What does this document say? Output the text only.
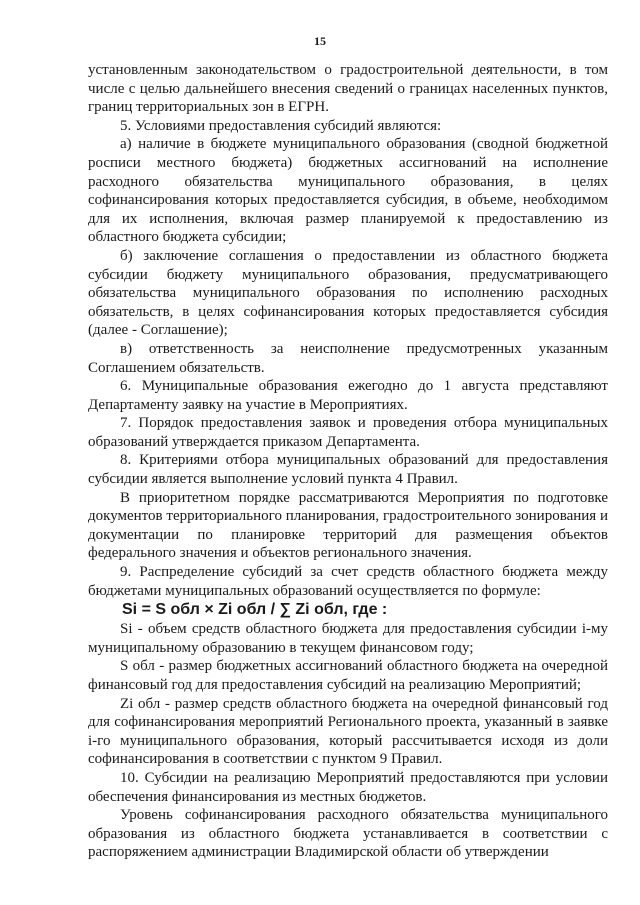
15

установленным законодательством о градостроительной деятельности, в том числе с целью дальнейшего внесения сведений о границах населенных пунктов, границ территориальных зон в ЕГРН.

5. Условиями предоставления субсидий являются:

а) наличие в бюджете муниципального образования (сводной бюджетной росписи местного бюджета) бюджетных ассигнований на исполнение расходного обязательства муниципального образования, в целях софинансирования которых предоставляется субсидия, в объеме, необходимом для их исполнения, включая размер планируемой к предоставлению из областного бюджета субсидии;

б) заключение соглашения о предоставлении из областного бюджета субсидии бюджету муниципального образования, предусматривающего обязательства муниципального образования по исполнению расходных обязательств, в целях софинансирования которых предоставляется субсидия (далее - Соглашение);

в) ответственность за неисполнение предусмотренных указанным Соглашением обязательств.

6. Муниципальные образования ежегодно до 1 августа представляют Департаменту заявку на участие в Мероприятиях.

7. Порядок предоставления заявок и проведения отбора муниципальных образований утверждается приказом Департамента.

8. Критериями отбора муниципальных образований для предоставления субсидии является выполнение условий пункта 4 Правил.

В приоритетном порядке рассматриваются Мероприятия по подготовке документов территориального планирования, градостроительного зонирования и документации по планировке территорий для размещения объектов федерального значения и объектов регионального значения.

9. Распределение субсидий за счет средств областного бюджета между бюджетами муниципальных образований осуществляется по формуле:

Si = S обл × Zi обл / ∑ Zi обл, где :

Si - объем средств областного бюджета для предоставления субсидии i-му муниципальному образованию в текущем финансовом году;

S обл - размер бюджетных ассигнований областного бюджета на очередной финансовый год для предоставления субсидий на реализацию Мероприятий;

Zi обл - размер средств областного бюджета на очередной финансовый год для софинансирования мероприятий Регионального проекта, указанный в заявке i-го муниципального образования, который рассчитывается исходя из доли софинансирования в соответствии с пунктом 9 Правил.

10. Субсидии на реализацию Мероприятий предоставляются при условии обеспечения финансирования из местных бюджетов.

Уровень софинансирования расходного обязательства муниципального образования из областного бюджета устанавливается в соответствии с распоряжением администрации Владимирской области об утверждении
